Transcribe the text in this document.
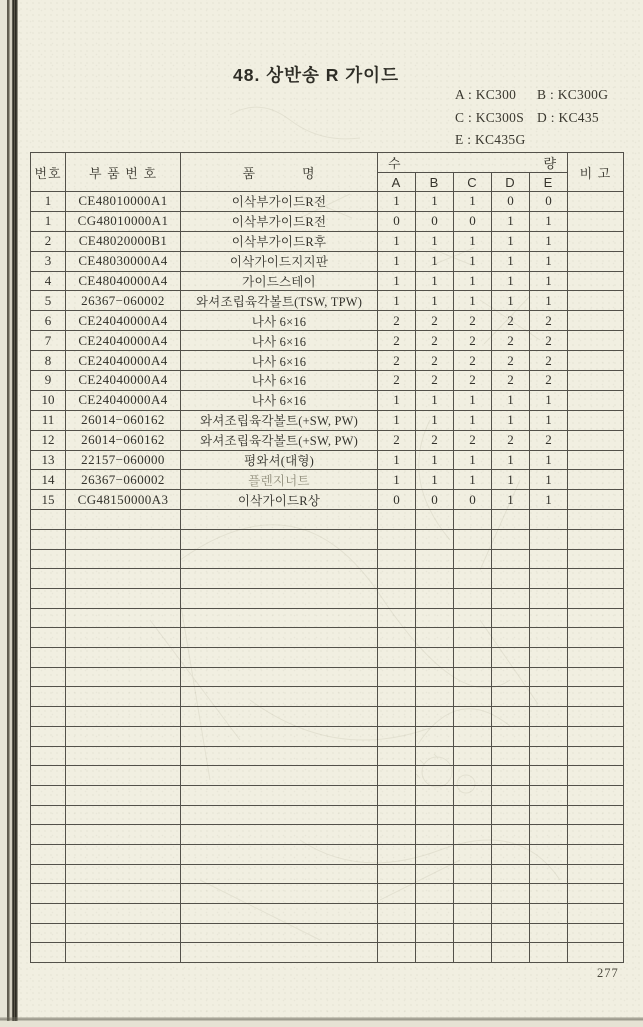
48. 상반송 R 가이드
A : KC300 B : KC300G
C : KC300S D : KC435
E : KC435G
번호	부 품 번 호	품 명	수 량					비 고
			A	B	C	D	E	
1	CE48010000A1	이삭부가이드R전	1	1	1	0	0	
1	CG48010000A1	이삭부가이드R전	0	0	0	1	1	
2	CE48020000B1	이삭부가이드R후	1	1	1	1	1	
3	CE48030000A4	이삭가이드지지판	1	1	1	1	1	
4	CE48040000A4	가이드스테이	1	1	1	1	1	
5	26367−060002	와셔조립육각볼트(TSW, TPW)	1	1	1	1	1	
6	CE24040000A4	나사 6×16	2	2	2	2	2	
7	CE24040000A4	나사 6×16	2	2	2	2	2	
8	CE24040000A4	나사 6×16	2	2	2	2	2	
9	CE24040000A4	나사 6×16	2	2	2	2	2	
10	CE24040000A4	나사 6×16	1	1	1	1	1	
11	26014−060162	와셔조립육각볼트(+SW, PW)	1	1	1	1	1	
12	26014−060162	와셔조립육각볼트(+SW, PW)	2	2	2	2	2	
13	22157−060000	평와셔(대형)	1	1	1	1	1	
14	26367−060002	플렌지너트	1	1	1	1	1	
15	CG48150000A3	이삭가이드R상	0	0	0	1	1	

277
